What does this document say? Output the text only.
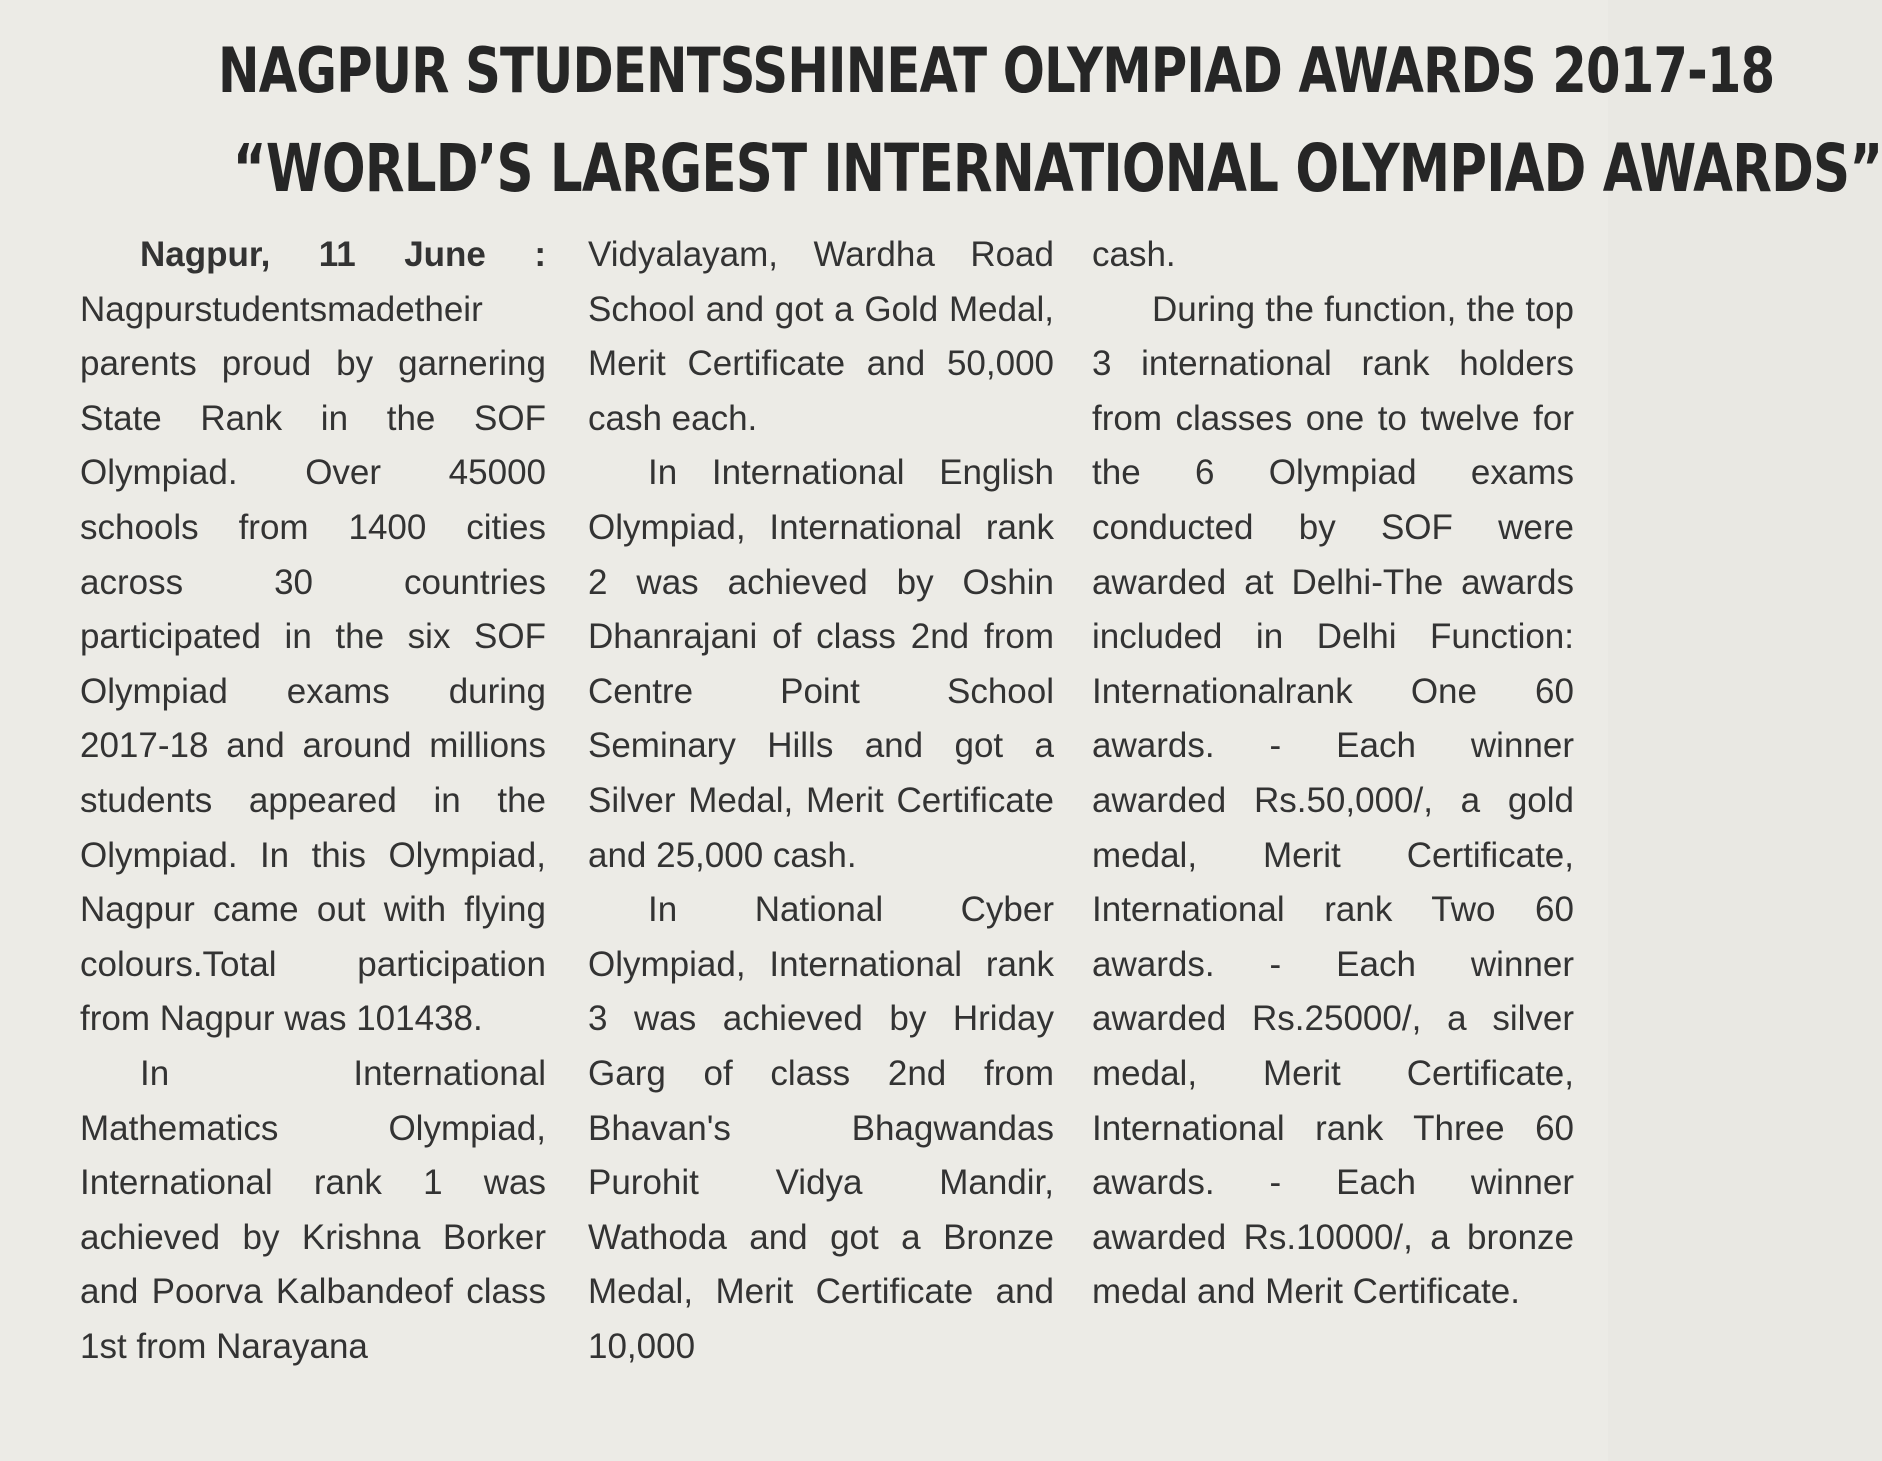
NAGPUR STUDENTSSHINEAT OLYMPIAD AWARDS 2017-18
“WORLD’S LARGEST INTERNATIONAL OLYMPIAD AWARDS”

Nagpur, 11 June : Nagpurstudentsmadetheir parents proud by garnering State Rank in the SOF Olympiad. Over 45000 schools from 1400 cities across 30 countries participated in the six SOF Olympiad exams during 2017-18 and around millions students appeared in the Olympiad. In this Olympiad, Nagpur came out with flying colours.Total participation from Nagpur was 101438.

In International Mathematics Olympiad, International rank 1 was achieved by Krishna Borker and Poorva Kalbandeof class 1st from Narayana

Vidyalayam, Wardha Road School and got a Gold Medal, Merit Certificate and 50,000 cash each.

In International English Olympiad, International rank 2 was achieved by Oshin Dhanrajani of class 2nd from Centre Point School Seminary Hills and got a Silver Medal, Merit Certificate and 25,000 cash.

In National Cyber Olympiad, International rank 3 was achieved by Hriday Garg of class 2nd from Bhavan's Bhagwandas Purohit Vidya Mandir, Wathoda and got a Bronze Medal, Merit Certificate and 10,000

cash.

During the function, the top 3 international rank holders from classes one to twelve for the 6 Olympiad exams conducted by SOF were awarded at Delhi-The awards included in Delhi Function: Internationalrank One 60 awards. - Each winner awarded Rs.50,000/, a gold medal, Merit Certificate, International rank Two 60 awards. - Each winner awarded Rs.25000/, a silver medal, Merit Certificate, International rank Three 60 awards. - Each winner awarded Rs.10000/, a bronze medal and Merit Certificate.
